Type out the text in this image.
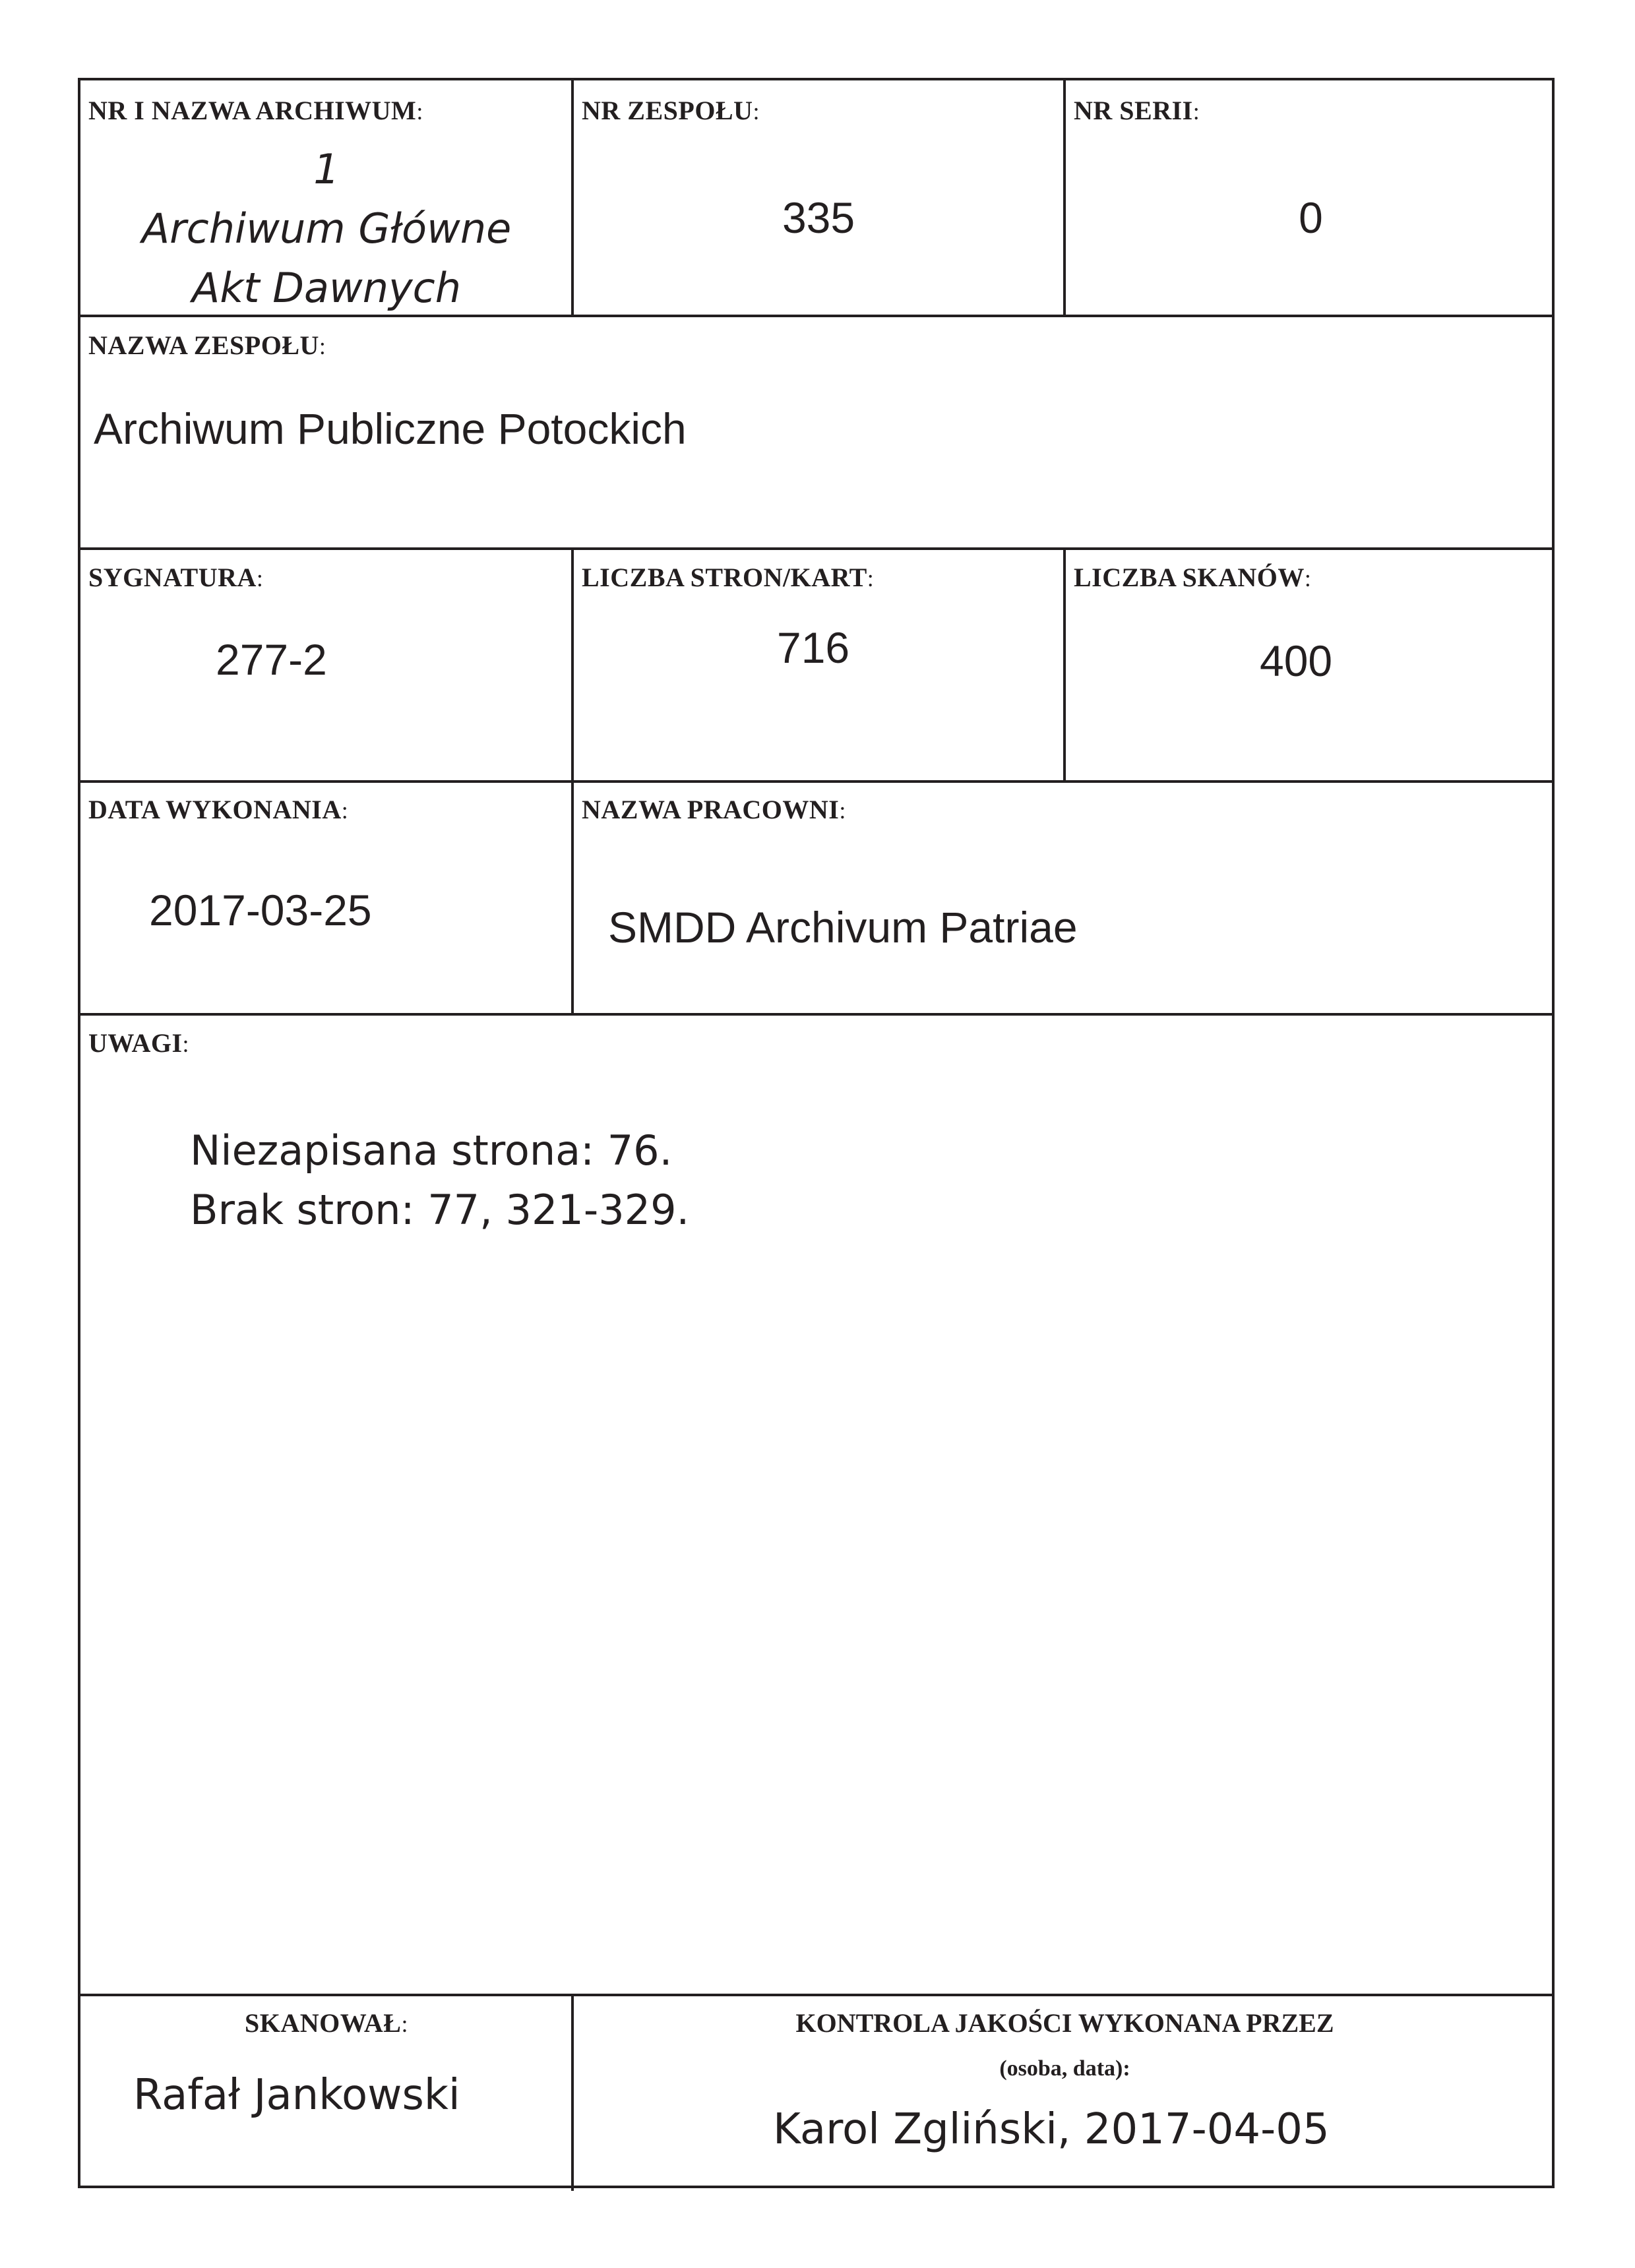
NR I NAZWA ARCHIWUM:
1
Archiwum Główne
Akt Dawnych
NR ZESPOŁU:
335
NR SERII:
0
NAZWA ZESPOŁU:
Archiwum Publiczne Potockich
SYGNATURA:
277-2
LICZBA STRON/KART:
716
LICZBA SKANÓW:
400
DATA WYKONANIA:
2017-03-25
NAZWA PRACOWNI:
SMDD Archivum Patriae
UWAGI:
Niezapisana strona: 76.
Brak stron: 77, 321-329.
SKANOWAŁ:
Rafał Jankowski
KONTROLA JAKOŚCI WYKONANA PRZEZ
(osoba, data):
Karol Zgliński, 2017-04-05
